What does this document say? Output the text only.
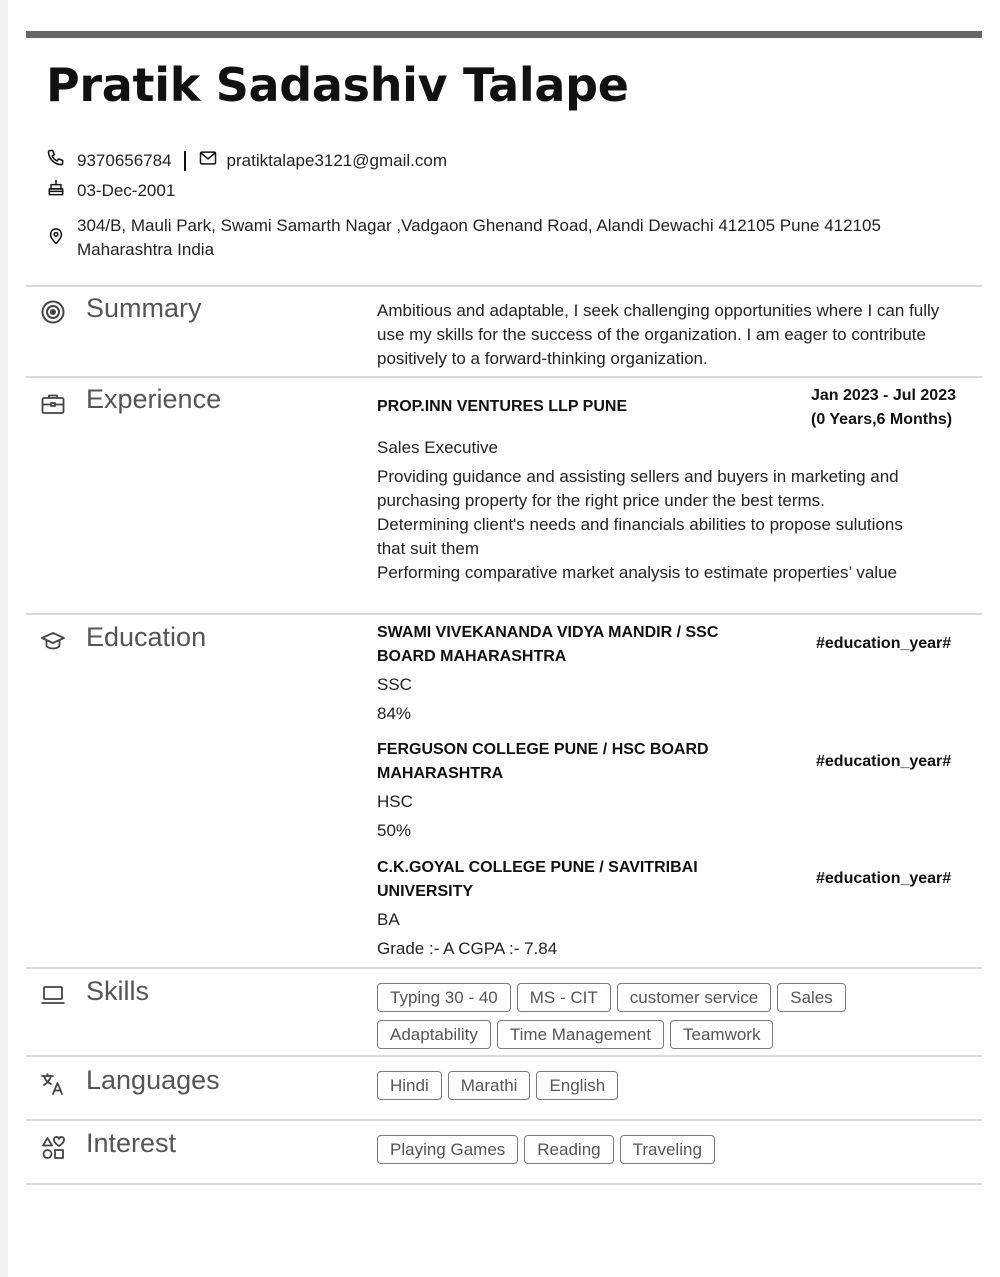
Pratik Sadashiv Talape
9370656784	pratiktalape3121@gmail.com
03-Dec-2001
304/B, Mauli Park, Swami Samarth Nagar ,Vadgaon Ghenand Road, Alandi Dewachi 412105 Pune 412105 Maharashtra India
Summary	Ambitious and adaptable, I seek challenging opportunities where I can fully use my skills for the success of the organization. I am eager to contribute positively to a forward-thinking organization.

Experience	PROP.INN VENTURES LLP PUNE
Jan 2023 - Jul 2023
(0 Years,6 Months)
Sales Executive
Providing guidance and assisting sellers and buyers in marketing and purchasing property for the right price under the best terms.
Determining client's needs and financials abilities to propose sulutions that suit them
Performing comparative market analysis to estimate properties’ value
Education	SWAMI VIVEKANANDA VIDYA MANDIR / SSC BOARD MAHARASHTRA
#education_year#
SSC
84%
FERGUSON COLLEGE PUNE / HSC BOARD MAHARASHTRA
#education_year#
HSC
50%
C.K.GOYAL COLLEGE PUNE / SAVITRIBAI UNIVERSITY
#education_year#
BA
Grade :- A CGPA :- 7.84
Skills	Typing 30 - 40	MS - CIT	customer service	Sales
Adaptability	Time Management	Teamwork
Languages	Hindi	Marathi	English
Interest	Playing Games	Reading	Traveling
